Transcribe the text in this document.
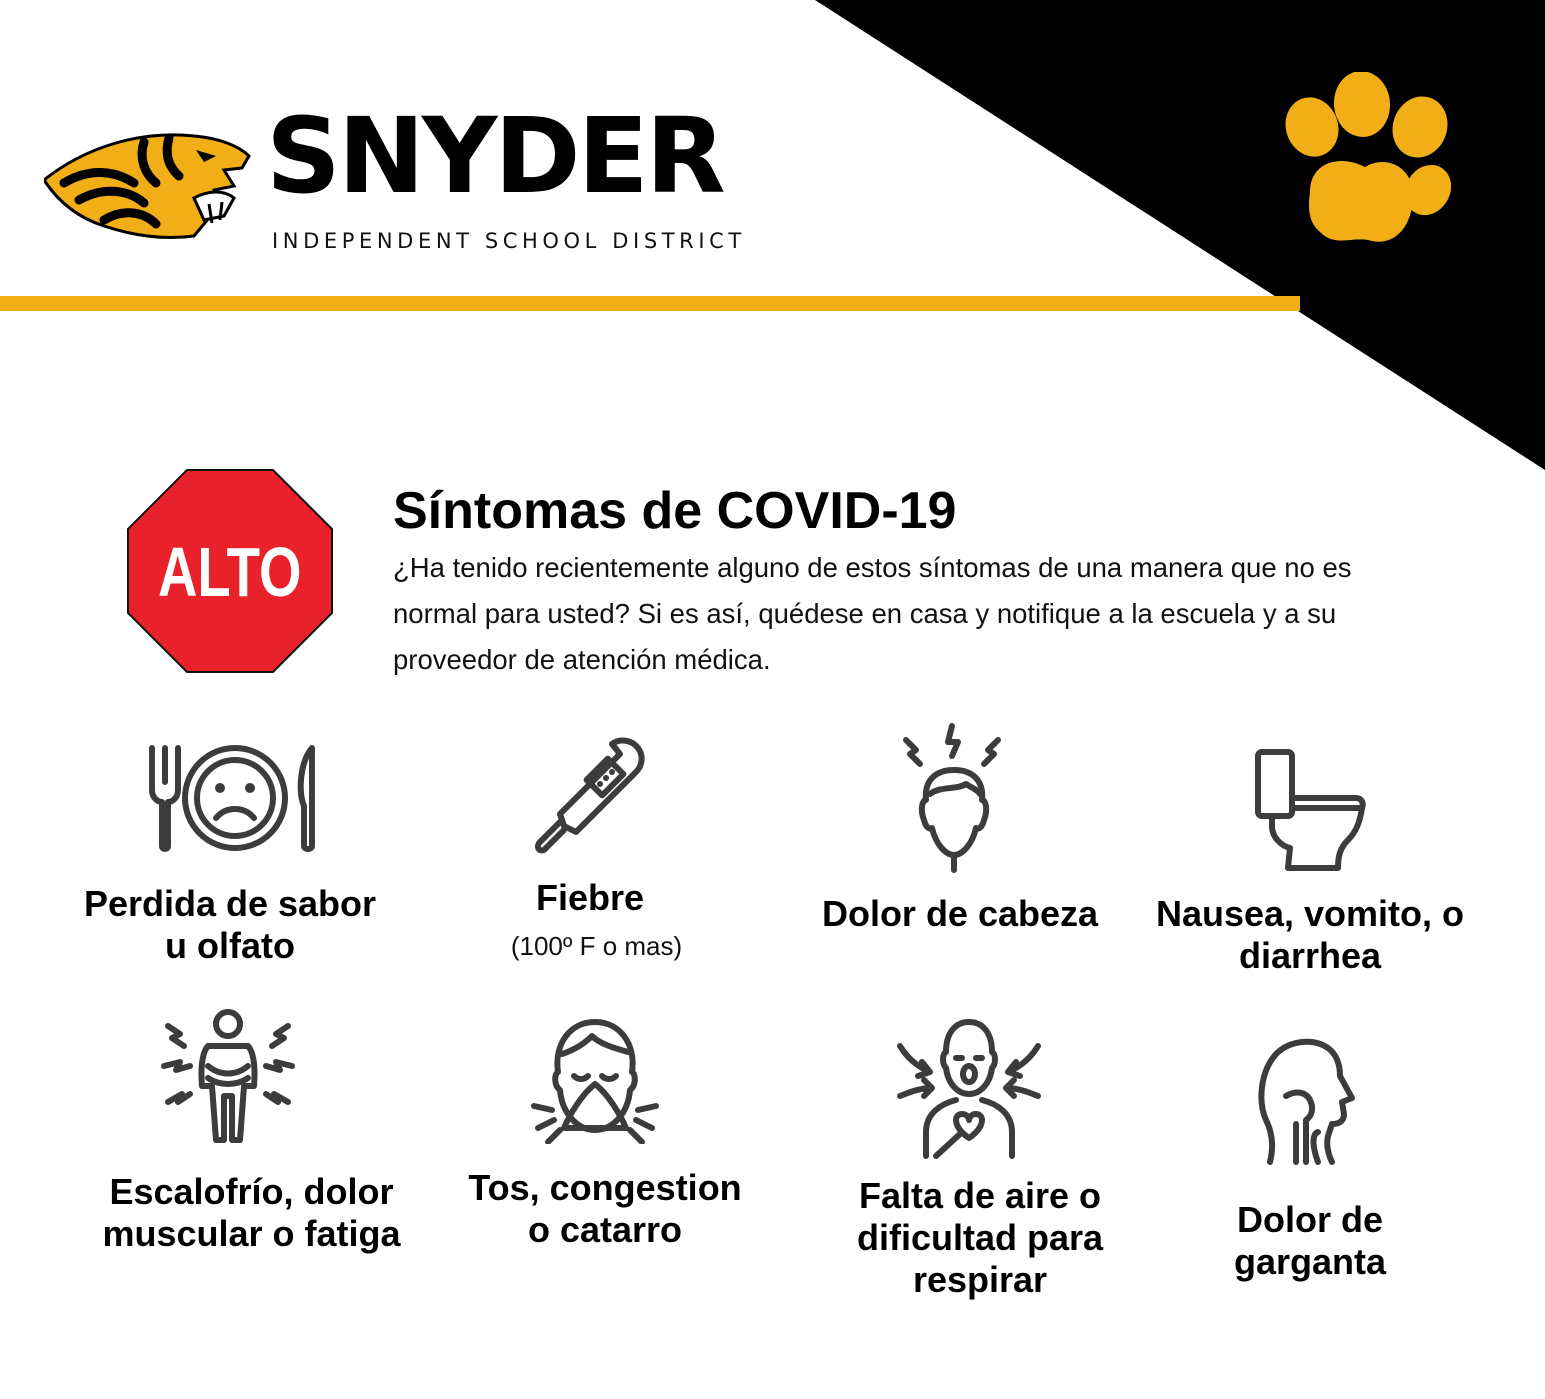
SNYDER
INDEPENDENT SCHOOL DISTRICT
ALTO
Síntomas de COVID-19
¿Ha tenido recientemente alguno de estos síntomas de una manera que no es normal para usted? Si es así, quédese en casa y notifique a la escuela y a su proveedor de atención médica.
Perdida de sabor u olfato
Fiebre
(100º F o mas)
Dolor de cabeza	Nausea, vomito, o diarrhea
Escalofrío, dolor muscular o fatiga
Tos, congestion o catarro
Falta de aire o dificultad para respirar
Dolor de garganta
